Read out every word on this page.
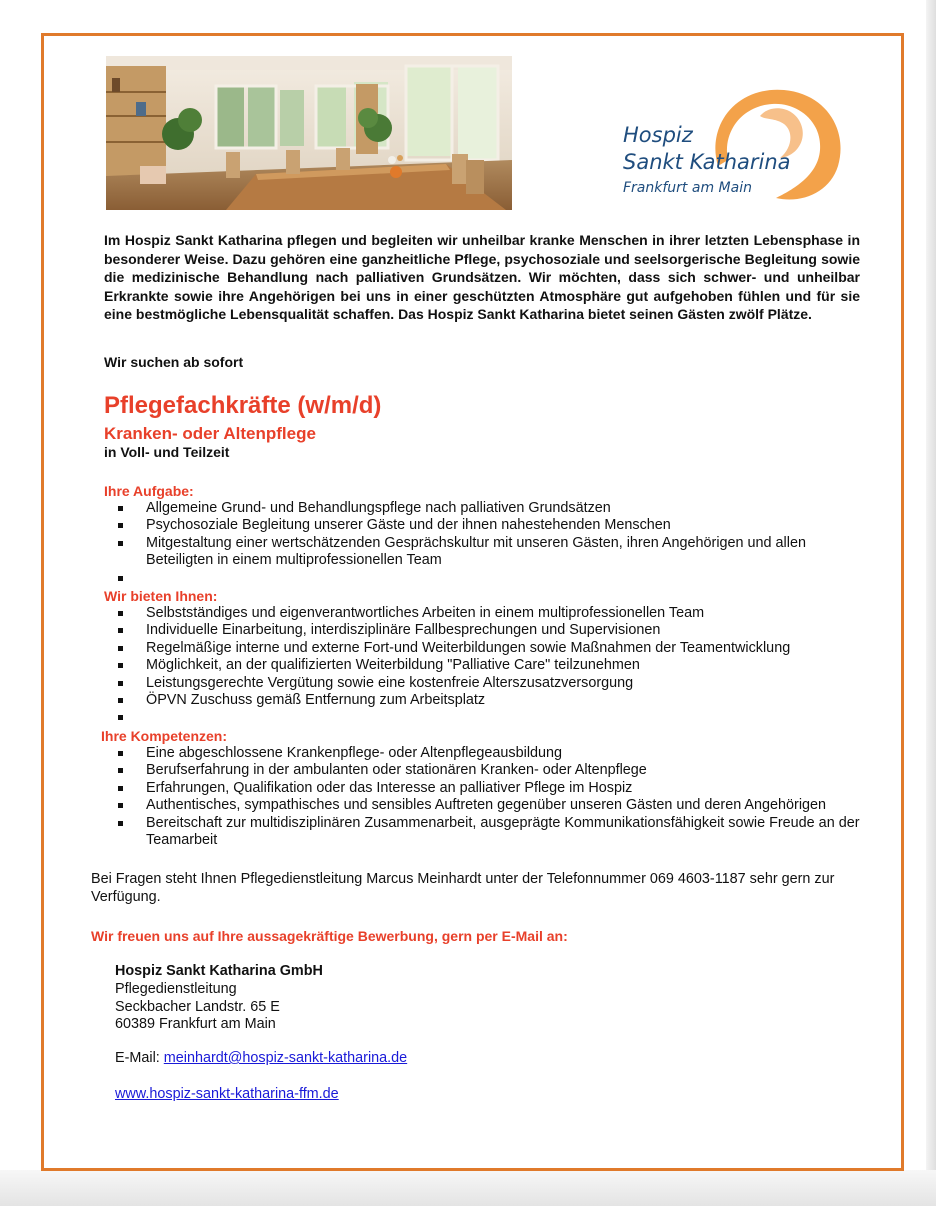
Hospiz
Sankt Katharina
Frankfurt am Main

Im Hospiz Sankt Katharina pflegen und begleiten wir unheilbar kranke Menschen in ihrer letzten Lebensphase in besonderer Weise. Dazu gehören eine ganzheitliche Pflege, psychosoziale und seelsorgerische Begleitung sowie die medizinische Behandlung nach palliativen Grundsätzen. Wir möchten, dass sich schwer- und unheilbar Erkrankte sowie ihre Angehörigen bei uns in einer geschützten Atmosphäre gut aufgehoben fühlen und für sie eine bestmögliche Lebensqualität schaffen. Das Hospiz Sankt Katharina bietet seinen Gästen zwölf Plätze.

Wir suchen ab sofort

Pflegefachkräfte (w/m/d)
Kranken- oder Altenpflege

in Voll- und Teilzeit

Ihre Aufgabe:

Allgemeine Grund- und Behandlungspflege nach palliativen Grundsätzen
Psychosoziale Begleitung unserer Gäste und der ihnen nahestehenden Menschen
Mitgestaltung einer wertschätzenden Gesprächskultur mit unseren Gästen, ihren Angehörigen und allen Beteiligten in einem multiprofessionellen Team

Wir bieten Ihnen:

Selbstständiges und eigenverantwortliches Arbeiten in einem multiprofessionellen Team
Individuelle Einarbeitung, interdisziplinäre Fallbesprechungen und Supervisionen
Regelmäßige interne und externe Fort-und Weiterbildungen sowie Maßnahmen der Teamentwicklung
Möglichkeit, an der qualifizierten Weiterbildung "Palliative Care" teilzunehmen
Leistungsgerechte Vergütung sowie eine kostenfreie Alterszusatzversorgung
ÖPVN Zuschuss gemäß Entfernung zum Arbeitsplatz

Ihre Kompetenzen:

Eine abgeschlossene Krankenpflege- oder Altenpflegeausbildung
Berufserfahrung in der ambulanten oder stationären Kranken- oder Altenpflege
Erfahrungen, Qualifikation oder das Interesse an palliativer Pflege im Hospiz
Authentisches, sympathisches und sensibles Auftreten gegenüber unseren Gästen und deren Angehörigen
Bereitschaft zur multidisziplinären Zusammenarbeit, ausgeprägte Kommunikationsfähigkeit sowie Freude an der Teamarbeit

Bei Fragen steht Ihnen Pflegedienstleitung Marcus Meinhardt unter der Telefonnummer 069 4603-1187 sehr gern zur Verfügung.

Wir freuen uns auf Ihre aussagekräftige Bewerbung, gern per E-Mail an:

Hospiz Sankt Katharina GmbH
Pflegedienstleitung
Seckbacher Landstr. 65 E
60389 Frankfurt am Main

E-Mail: meinhardt@hospiz-sankt-katharina.de

www.hospiz-sankt-katharina-ffm.de
